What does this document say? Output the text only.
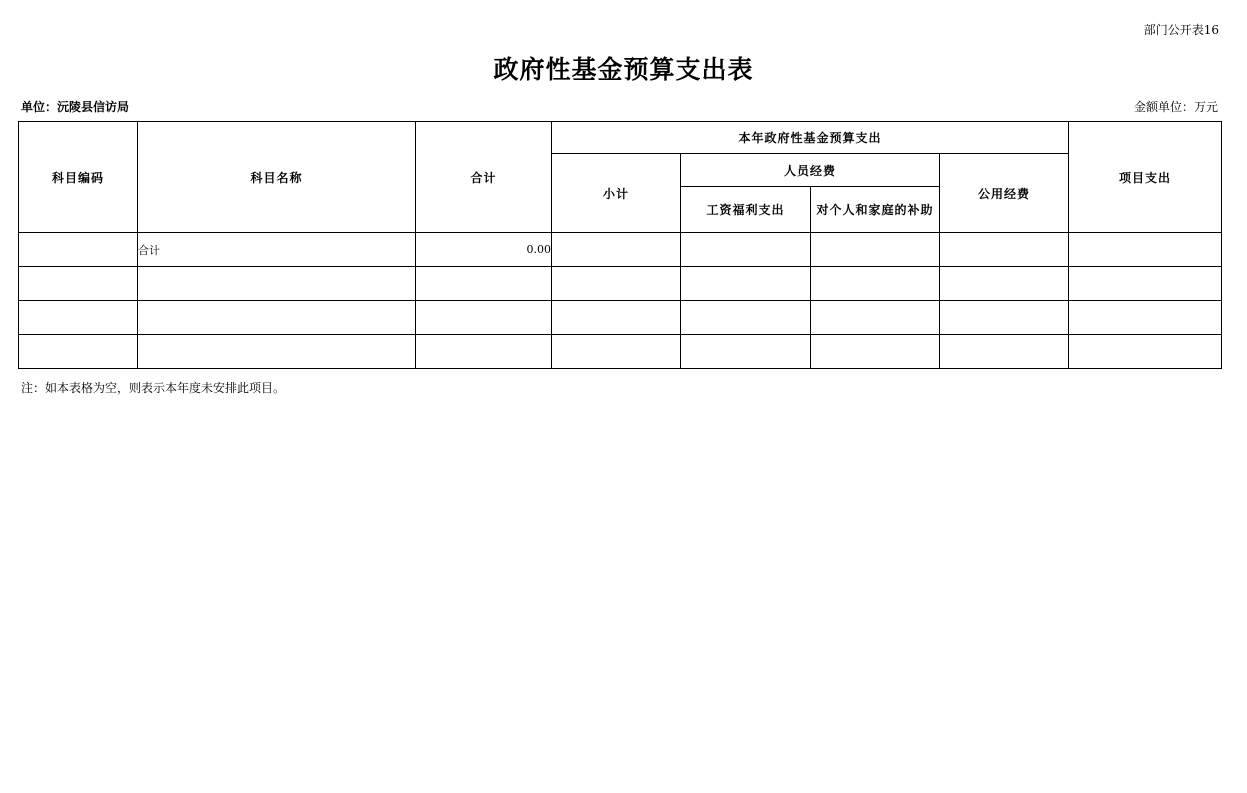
部门公开表16
政府性基金预算支出表
单位：沅陵县信访局	金额单位：万元
科目编码	科目名称	合计	本年政府性基金预算支出				项目支出
			小计	人员经费		公用经费	
				工资福利支出	对个人和家庭的补助		
	合计	0.00					

注：如本表格为空，则表示本年度未安排此项目。
